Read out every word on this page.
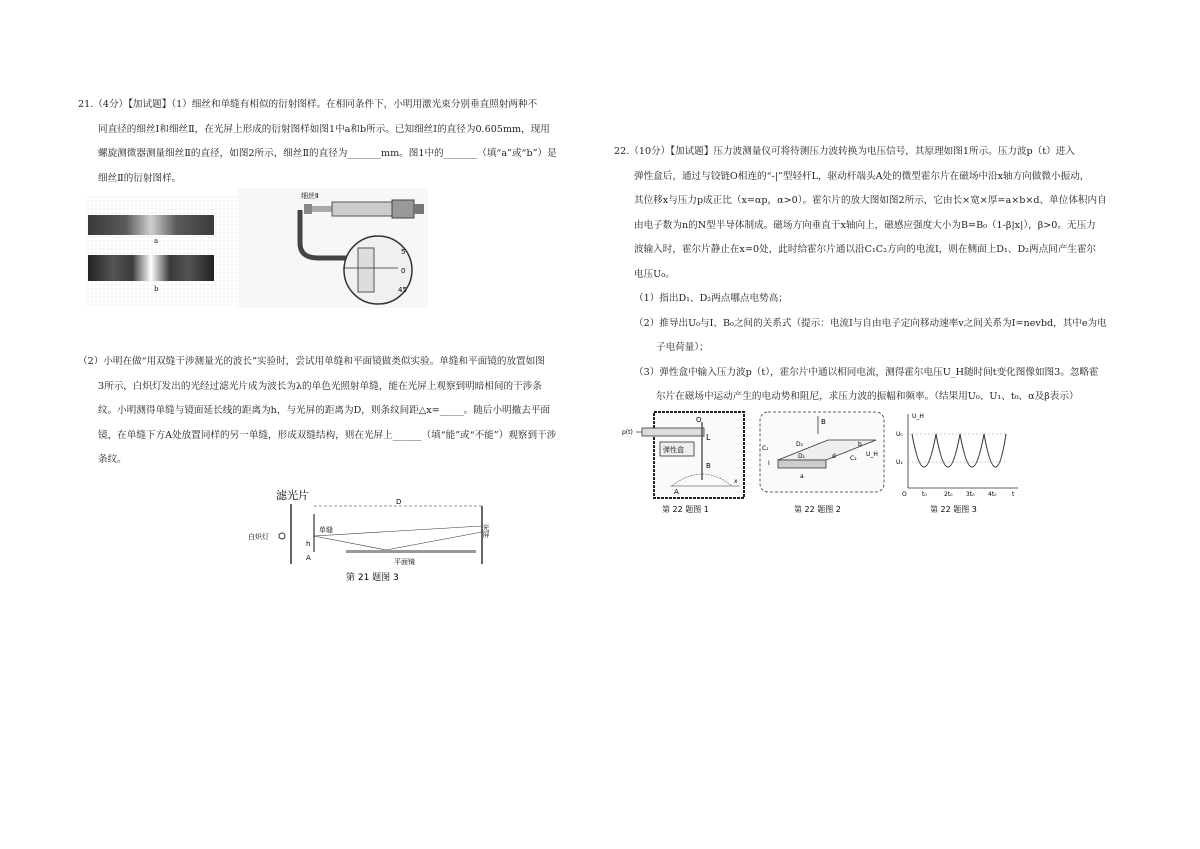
21.（4分）【加试题】（1）细丝和单缝有相似的衍射图样。在相同条件下，小明用激光束分别垂直照射两种不

同直径的细丝Ⅰ和细丝Ⅱ，在光屏上形成的衍射图样如图1中a和b所示。已知细丝Ⅰ的直径为0.605mm，现用

螺旋测微器测量细丝Ⅱ的直径，如图2所示，细丝Ⅱ的直径为_______mm。图1中的_______（填“a”或“b”）是

细丝Ⅱ的衍射图样。

a
b
细丝Ⅱ
5
0
45

（2）小明在做“用双缝干涉测量光的波长”实验时，尝试用单缝和平面镜做类似实验。单缝和平面镜的放置如图

3所示，白炽灯发出的光经过滤光片成为波长为λ的单色光照射单缝，能在光屏上观察到明暗相间的干涉条

纹。小明测得单缝与镜面延长线的距离为h，与光屏的距离为D，则条纹间距△x=_____。随后小明撤去平面

镜，在单缝下方A处放置同样的另一单缝，形成双缝结构，则在光屏上______（填“能”或“不能”）观察到干涉

条纹。

滤光片	D
白炽灯
单缝
h
A	平面镜
光屏
第 21 题图 3

22.（10分）【加试题】压力波测量仪可将待测压力波转换为电压信号，其原理如图1所示。压力波p（t）进入

弹性盒后，通过与铰链O相连的“-|”型轻杆L，驱动杆端头A处的微型霍尔片在磁场中沿x轴方向做微小振动，

其位移x与压力p成正比（x=αp，α>0）。霍尔片的放大图如图2所示，它由长×宽×厚=a×b×d、单位体积内自

由电子数为n的N型半导体制成。磁场方向垂直于x轴向上，磁感应强度大小为B=B₀（1-β|x|），β>0。无压力

波输入时，霍尔片静止在x=0处，此时给霍尔片通以沿C₁C₂方向的电流I，则在侧面上D₁、D₂两点间产生霍尔

电压U₀。

（1）指出D₁、D₂两点哪点电势高；

（2）推导出U₀与I、B₀之间的关系式（提示：电流I与自由电子定向移动速率v之间关系为I=nevbd，其中e为电

子电荷量）；

（3）弹性盒中输入压力波p（t），霍尔片中通以相同电流，测得霍尔电压U_H随时间t变化图像如图3。忽略霍

尔片在磁场中运动产生的电动势和阻尼，求压力波的振幅和频率。（结果用U₀、U₁、t₀、α及β表示）

p(t)
弹性盒
O
L
B
x
A
第 22 题图 1
B
C₁
I
D₂
D₁	d
b
a
C₂
U_H
第 22 题图 2
U_H
U₀
U₁
O	t₀	2t₀ 3t₀ 4t₀	t
第 22 题图 3
